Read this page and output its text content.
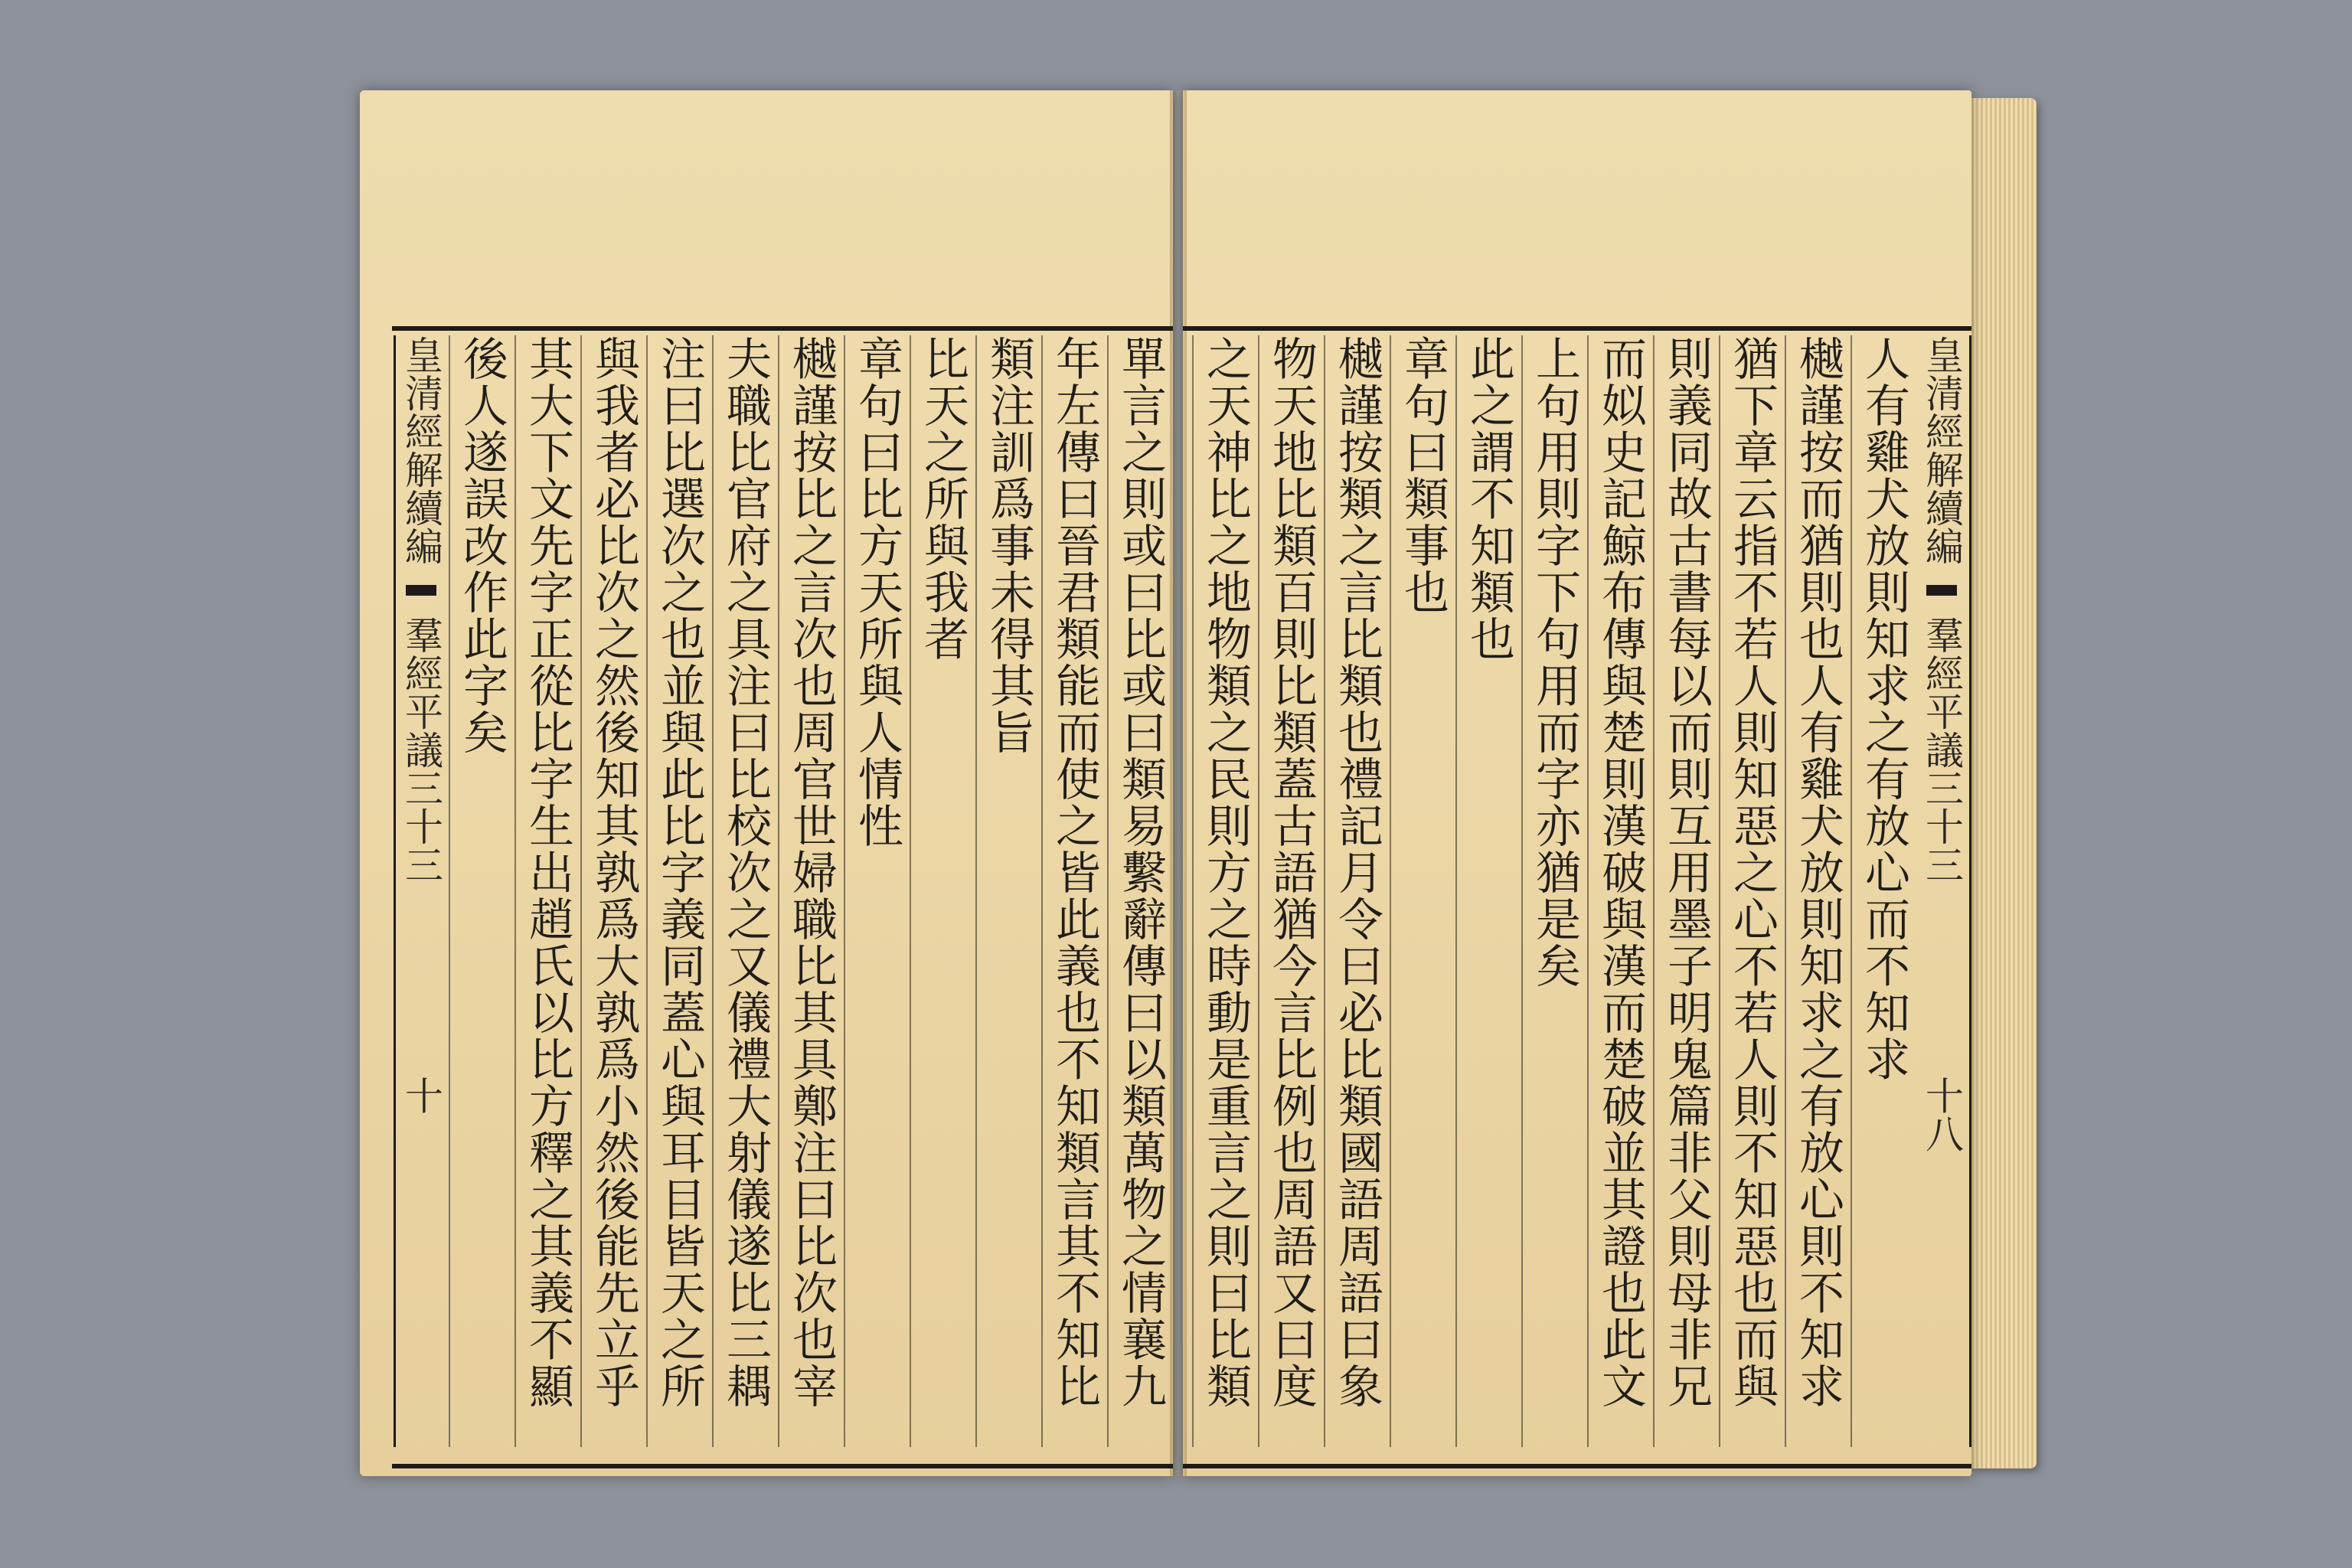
皇清經解續編  羣經平議三十三  十八
人有雞犬放則知求之有放心而不知求
樾謹按而猶則也人有雞犬放則知求之有放心則不知求
猶下章云指不若人則知惡之心不若人則不知惡也而與
則義同故古書每以而則互用墨子明鬼篇非父則母非兄
而姒史記鯨布傳與楚則漢破與漢而楚破並其證也此文
上句用則字下句用而字亦猶是矣
此之謂不知類也
章句曰類事也
樾謹按類之言比類也禮記月令曰必比類國語周語曰象
物天地比類百則比類蓋古語猶今言比例也周語又曰度
之天神比之地物類之民則方之時動是重言之則曰比類
單言之則或曰比或曰類易繫辭傳曰以類萬物之情襄九
年左傳曰晉君類能而使之皆此義也不知類言其不知比
類注訓爲事未得其旨
比天之所與我者
章句曰比方天所與人情性
樾謹按比之言次也周官世婦職比其具鄭注曰比次也宰
夫職比官府之具注曰比校次之又儀禮大射儀遂比三耦
注曰比選次之也並與此比字義同蓋心與耳目皆天之所
與我者必比次之然後知其孰爲大孰爲小然後能先立乎
其大下文先字正從比字生出趙氏以比方釋之其義不顯
後人遂誤改作此字矣
皇清經解續編  羣經平議三十三  十
